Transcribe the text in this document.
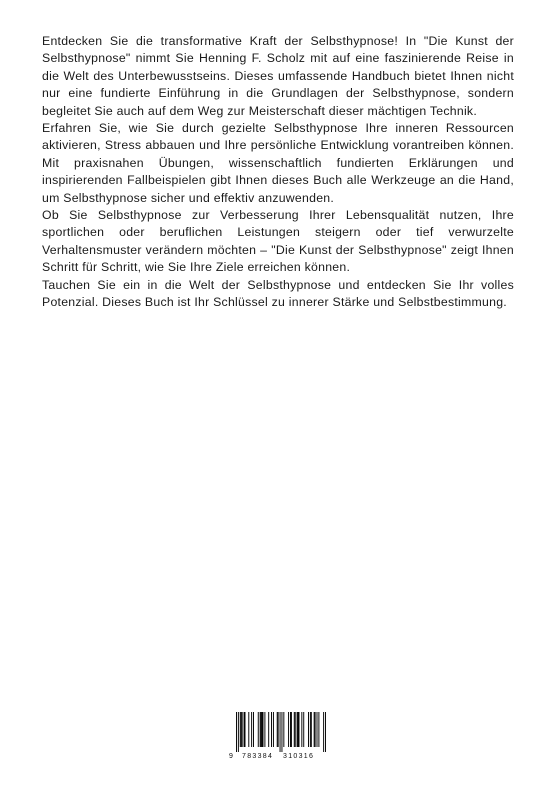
Entdecken Sie die transformative Kraft der Selbsthypnose! In "Die Kunst der Selbsthypnose" nimmt Sie Henning F. Scholz mit auf eine faszinierende Reise in die Welt des Unterbewusstseins. Dieses umfassende Handbuch bietet Ihnen nicht nur eine fundierte Einführung in die Grundlagen der Selbsthypnose, sondern begleitet Sie auch auf dem Weg zur Meisterschaft dieser mächtigen Technik.

Erfahren Sie, wie Sie durch gezielte Selbsthypnose Ihre inneren Ressourcen aktivieren, Stress abbauen und Ihre persönliche Entwicklung vorantreiben können. Mit praxisnahen Übungen, wissenschaftlich fundierten Erklärungen und inspirierenden Fallbeispielen gibt Ihnen dieses Buch alle Werkzeuge an die Hand, um Selbsthypnose sicher und effektiv anzuwenden.

Ob Sie Selbsthypnose zur Verbesserung Ihrer Lebensqualität nutzen, Ihre sportlichen oder beruflichen Leistungen steigern oder tief verwurzelte Verhaltensmuster verändern möchten – "Die Kunst der Selbsthypnose" zeigt Ihnen Schritt für Schritt, wie Sie Ihre Ziele erreichen können.

Tauchen Sie ein in die Welt der Selbsthypnose und entdecken Sie Ihr volles Potenzial. Dieses Buch ist Ihr Schlüssel zu innerer Stärke und Selbstbestimmung.

9 783384 310316
